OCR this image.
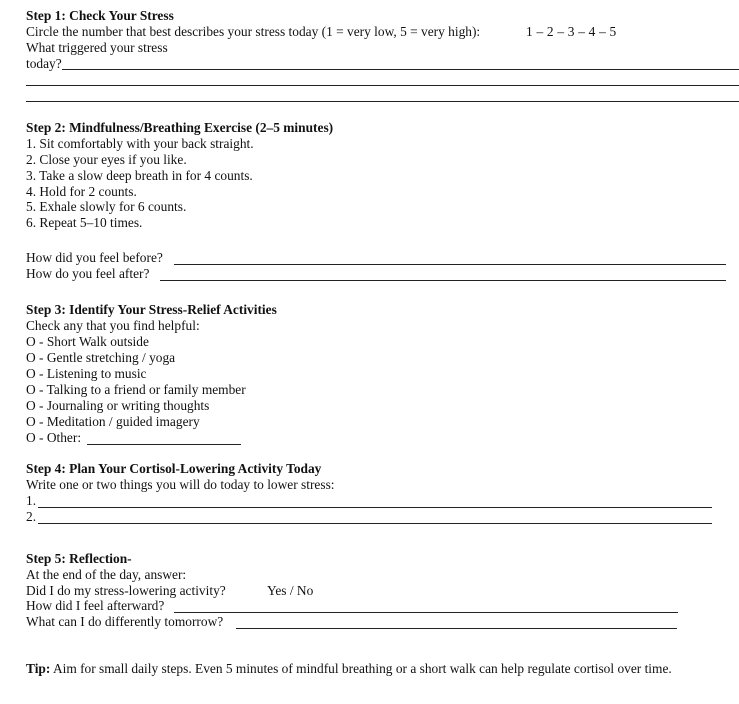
Step 1: Check Your Stress
Circle the number that best describes your stress today (1 = very low, 5 = very high):	1 – 2 – 3 – 4 – 5
What triggered your stress
today?
Step 2: Mindfulness/Breathing Exercise (2–5 minutes)
1. Sit comfortably with your back straight.
2. Close your eyes if you like.
3. Take a slow deep breath in for 4 counts.
4. Hold for 2 counts.
5. Exhale slowly for 6 counts.
6. Repeat 5–10 times.
How did you feel before?
How do you feel after?
Step 3: Identify Your Stress-Relief Activities
Check any that you find helpful:
O - Short Walk outside
O - Gentle stretching / yoga
O - Listening to music
O - Talking to a friend or family member
O - Journaling or writing thoughts
O - Meditation / guided imagery
O - Other:
Step 4: Plan Your Cortisol-Lowering Activity Today
Write one or two things you will do today to lower stress:
1.
2.
Step 5: Reflection-
At the end of the day, answer:
Did I do my stress-lowering activity?	Yes / No
How did I feel afterward?
What can I do differently tomorrow?
Tip: Aim for small daily steps. Even 5 minutes of mindful breathing or a short walk can help regulate cortisol over time.
